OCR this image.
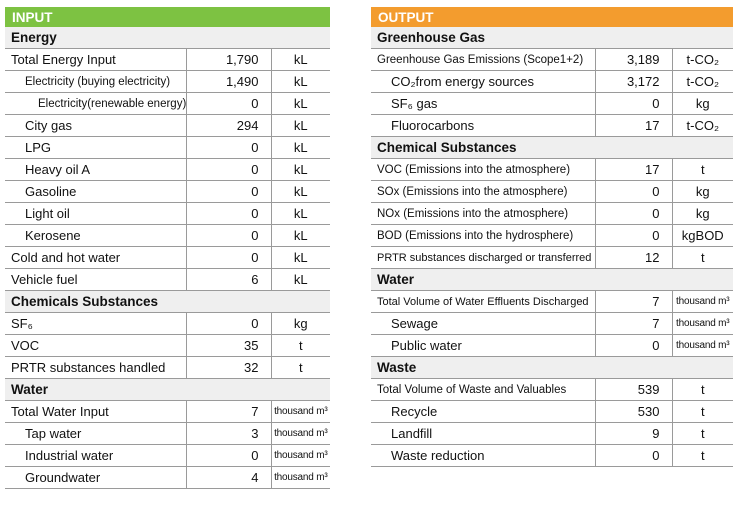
INPUT
Energy		
Total Energy Input	1,790	kL
Electricity (buying electricity)	1,490	kL
Electricity(renewable energy)	0	kL
City gas	294	kL
LPG	0	kL
Heavy oil A	0	kL
Gasoline	0	kL
Light oil	0	kL
Kerosene	0	kL
Cold and hot water	0	kL
Vehicle fuel	6	kL
Chemicals Substances		
SF₆	0	kg
VOC	35	t
PRTR substances handled	32	t
Water		
Total Water Input	7	thousand m³
Tap water	3	thousand m³
Industrial water	0	thousand m³
Groundwater	4	thousand m³
OUTPUT
Greenhouse Gas		
Greenhouse Gas Emissions (Scope1+2)	3,189	t-CO₂
CO₂from energy sources	3,172	t-CO₂
SF₆ gas	0	kg
Fluorocarbons	17	t-CO₂
Chemical Substances		
VOC (Emissions into the atmosphere)	17	t
SOx (Emissions into the atmosphere)	0	kg
NOx (Emissions into the atmosphere)	0	kg
BOD (Emissions into the hydrosphere)	0	kgBOD
PRTR substances discharged or transferred	12	t
Water		
Total Volume of Water Effluents Discharged	7	thousand m³
Sewage	7	thousand m³
Public water	0	thousand m³
Waste		
Total Volume of Waste and Valuables	539	t
Recycle	530	t
Landfill	9	t
Waste reduction	0	t
